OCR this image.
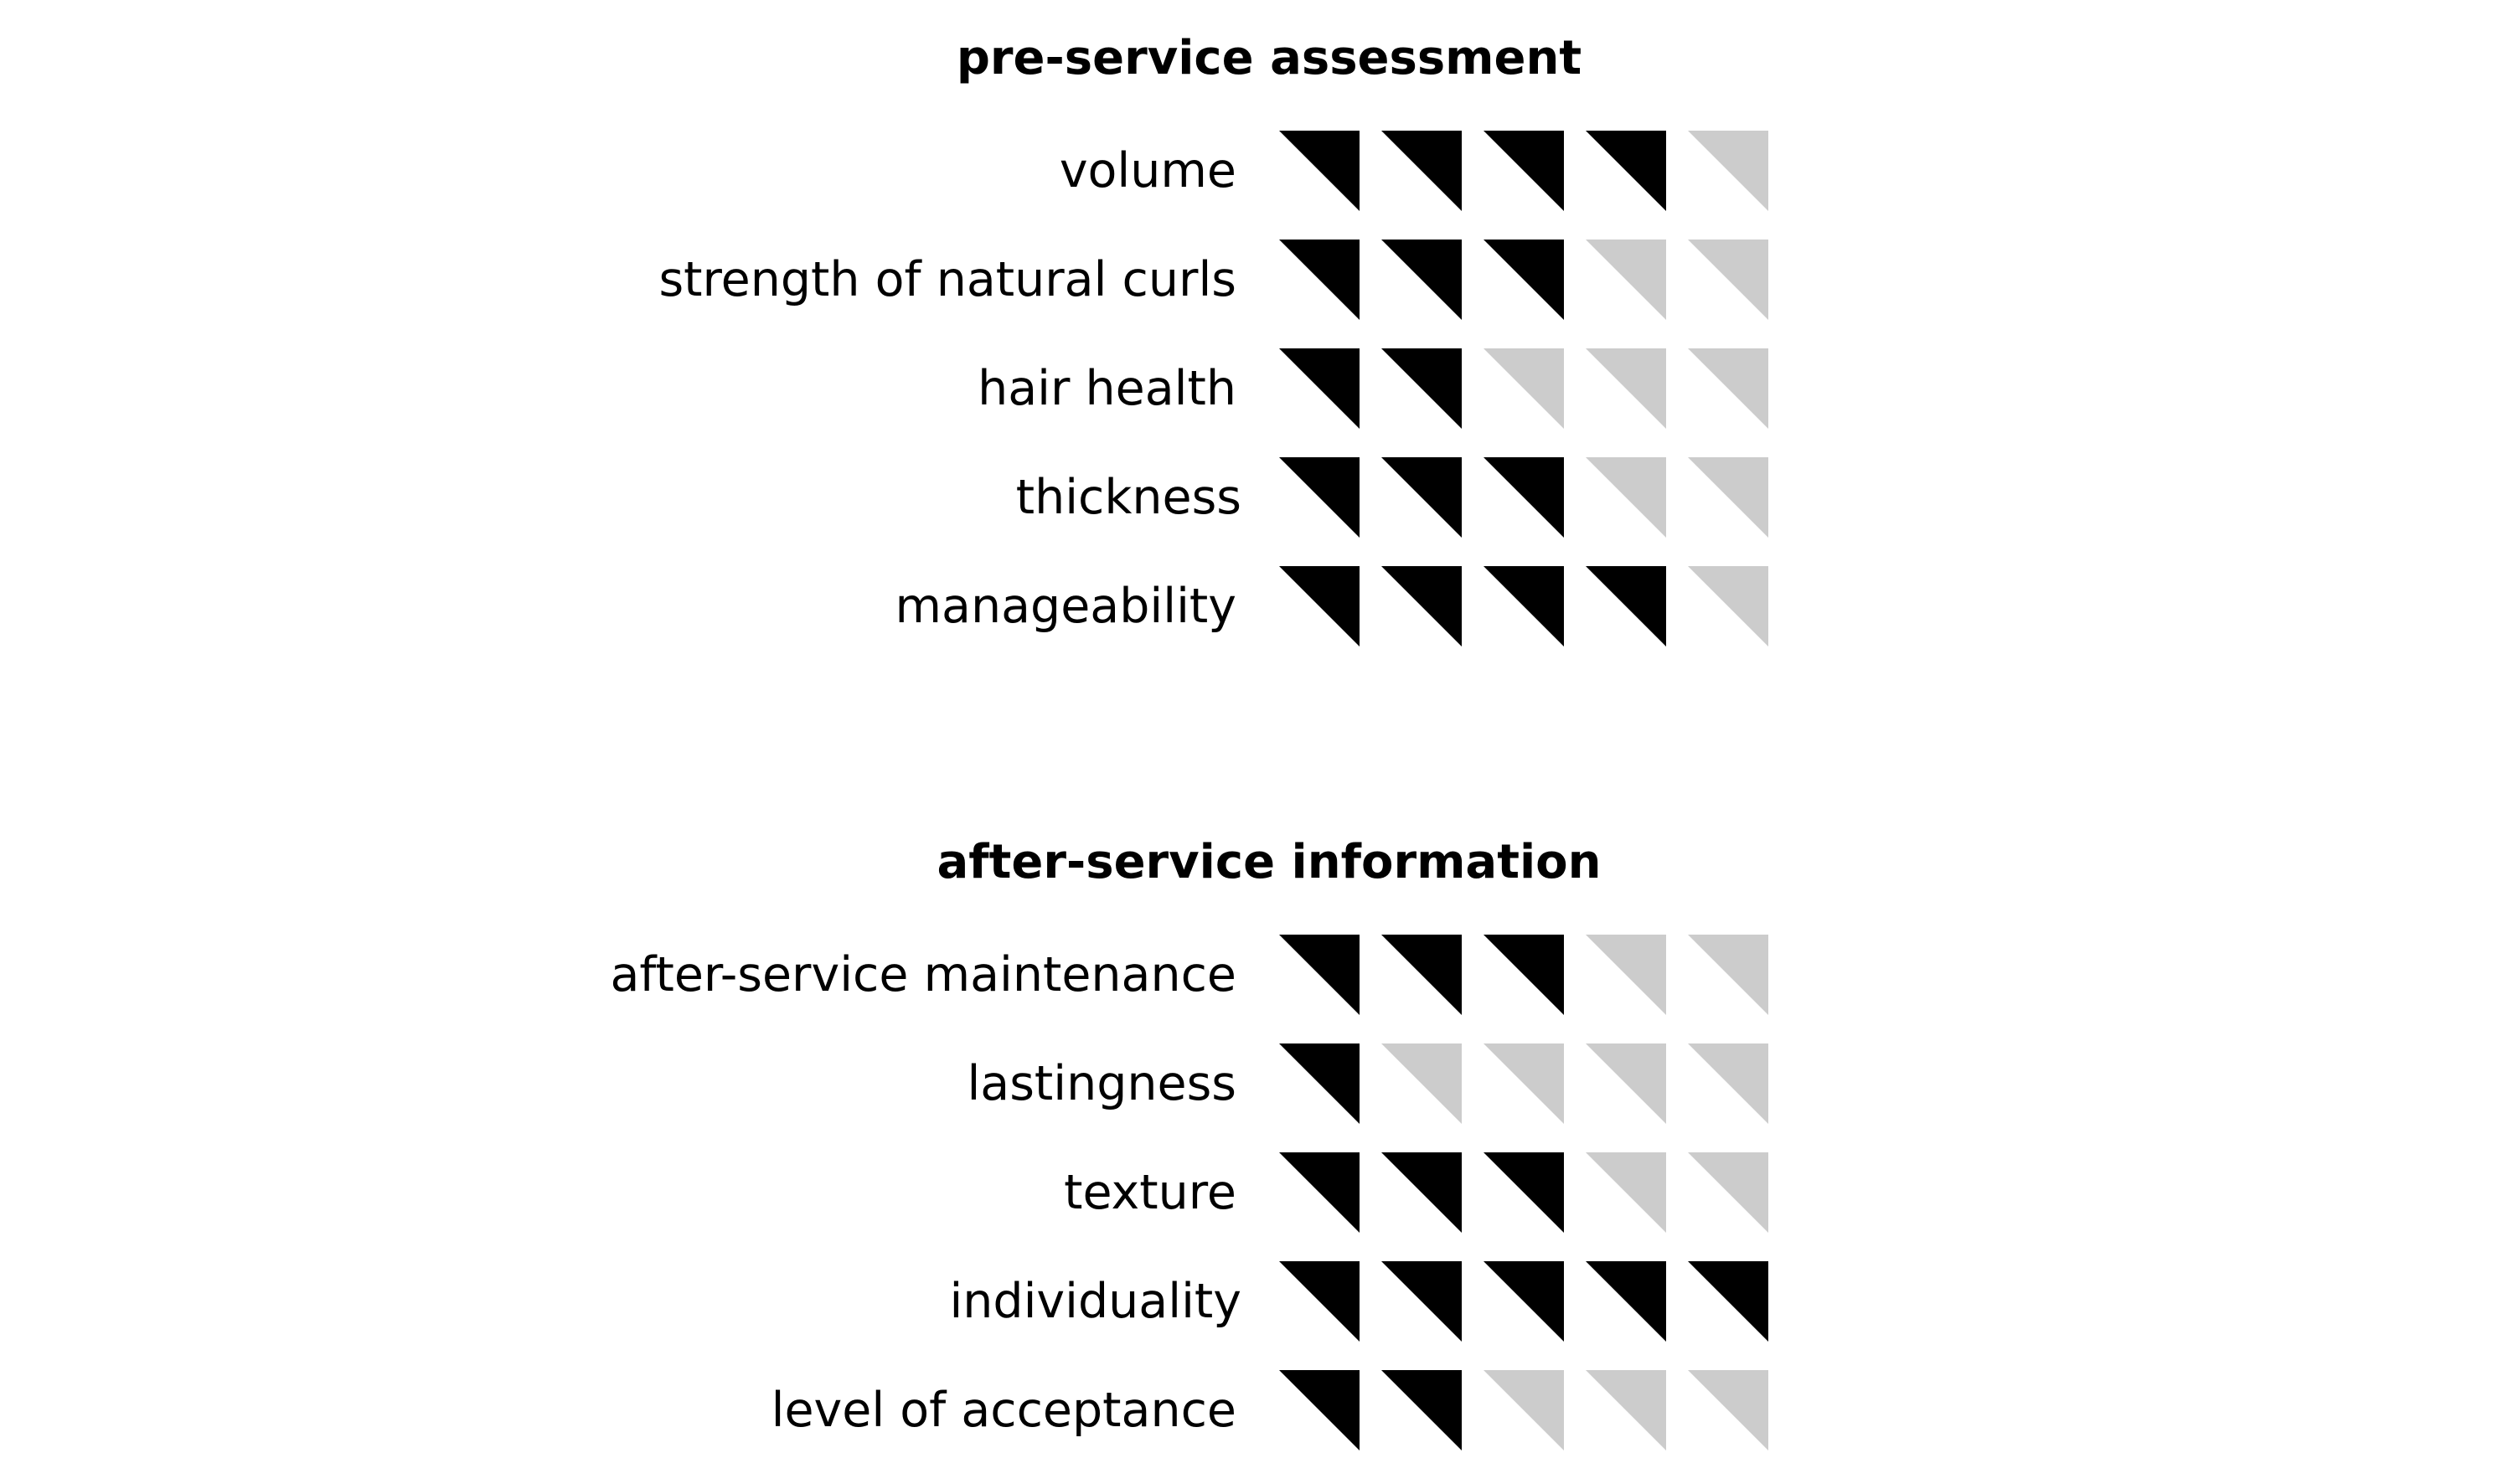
pre-service assessment
volume
strength of natural curls
hair health
thickness
manageability
after-service information
after-service maintenance
lastingness
texture
individuality
level of acceptance
